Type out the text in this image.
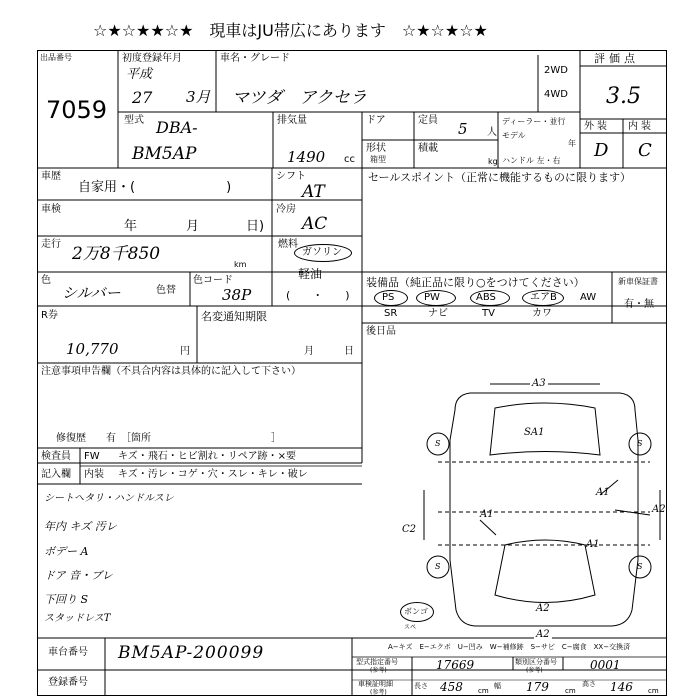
☆★☆★★☆★　現車はJU帯広にあります　☆★☆★☆★
出品番号
7059
初度登録年月
平成
27 3月
車名・グレード
マツダ　アクセラ
2WD
4WD
評価点
3.5
型式 DBA-
BM5AP
排気量
1490 cc
ドア	定員 5 人
形状
箱型
積載
kg
ディーラー・並行
モデル
年
ハンドル 左・右
外装 内装
D C
車歴
自家用・(　　　　　　　)
シフト
AT
セールスポイント（正常に機能するものに限ります）
車検
年	月	日)
冷房
AC
走行 2万8千850
km
燃料
ガソリン
軽油
(　　・　　)
色
シルバー	色替
色コード
38P
装備品（純正品に限り○をつけてください）
PS	PW	ABS	エアB AW
SR	ナビ	TV	カワ
新車保証書
有・無
R券
10,770	円
名変通知期限
月	日
後日品
注意事項申告欄（不具合内容は具体的に記入して下さい）
修復歴　　有　［箇所　　　　　　　　　　　　］
検査員
記入欄
FW キズ・飛石・ヒビ割れ・リペア跡・×要
内装 キズ・汚レ・コゲ・穴・スレ・キレ・破レ
シートヘタリ・ハンドルスレ
年内 キズ 汚レ
ボデー A
ドア 音・ブレ
下回り S
スタッドレスT
A3
SA1
A1
A1
A1
A2
C2
A2
A2
S	S
S	S
ボンゴ
スペ
A−キズ　E−エクボ　U−凹み　W−補修跡　S−サビ　C−腐食　XX−交換済
車台番号 BM5AP-200099
登録番号
型式指定番号
(参考)	17669	類別区分番号
(参考)	0001
車検証明細
(参考)
長さ 458 cm
幅 179 cm
高さ 146 cm
